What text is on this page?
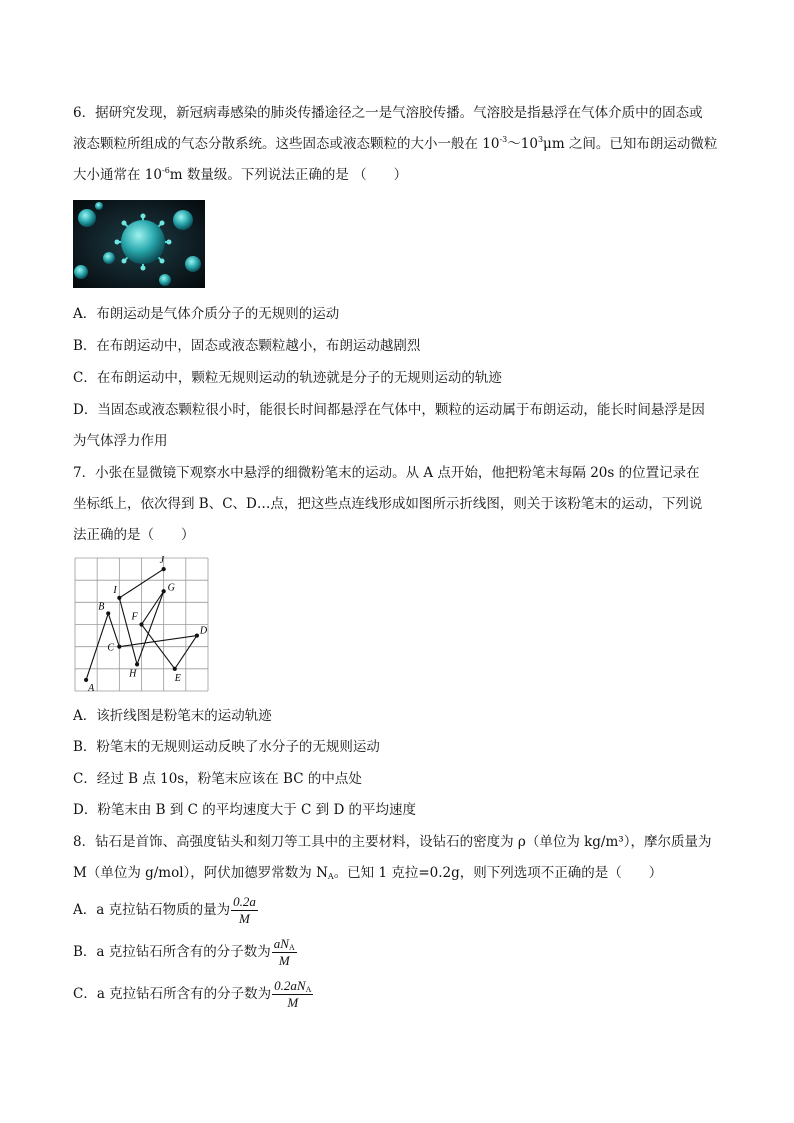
6．据研究发现，新冠病毒感染的肺炎传播途径之一是气溶胶传播。气溶胶是指悬浮在气体介质中的固态或
液态颗粒所组成的气态分散系统。这些固态或液态颗粒的大小一般在 $10^{-3}\sim 10^3\mu m$ 之间。已知布朗运动微粒
大小通常在 $10^{-6}m$ 数量级。下列说法正确的是 （　　）
A．布朗运动是气体介质分子的无规则的运动
B．在布朗运动中，固态或液态颗粒越小，布朗运动越剧烈
C．在布朗运动中，颗粒无规则运动的轨迹就是分子的无规则运动的轨迹
D．当固态或液态颗粒很小时，能很长时间都悬浮在气体中，颗粒的运动属于布朗运动，能长时间悬浮是因
为气体浮力作用
7．小张在显微镜下观察水中悬浮的细微粉笔末的运动。从 A 点开始，他把粉笔末每隔 20s 的位置记录在
坐标纸上，依次得到 B、C、D…点，把这些点连线形成如图所示折线图，则关于该粉笔末的运动，下列说
法正确的是（　　）
A
B
C
D
E
F
G
H
I
J
A．该折线图是粉笔末的运动轨迹
B．粉笔末的无规则运动反映了水分子的无规则运动
C．经过 B 点 10s，粉笔末应该在 BC 的中点处
D．粉笔末由 B 到 C 的平均速度大于 C 到 D 的平均速度
8．钻石是首饰、高强度钻头和刻刀等工具中的主要材料，设钻石的密度为 ρ（单位为 kg/m³），摩尔质量为
M（单位为 g/mol），阿伏加德罗常数为 $N_A$。已知 1 克拉=0.2g，则下列选项不正确的是（　　）
A．a 克拉钻石物质的量为 $\frac{0.2a}{M}$
B．a 克拉钻石所含有的分子数为 $\frac{aN_A}{M}$
C．a 克拉钻石所含有的分子数为 $\frac{0.2aN_A}{M}$
